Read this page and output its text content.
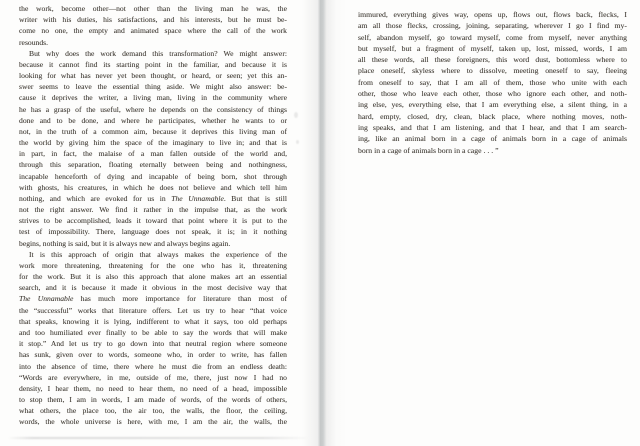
the work, become other—not other than the living man he was, the
writer with his duties, his satisfactions, and his interests, but he must be-
come no one, the empty and animated space where the call of the work
resounds.
But why does the work demand this transformation? We might answer:
because it cannot find its starting point in the familiar, and because it is
looking for what has never yet been thought, or heard, or seen; yet this an-
swer seems to leave the essential thing aside. We might also answer: be-
cause it deprives the writer, a living man, living in the community where
he has a grasp of the useful, where he depends on the consistency of things
done and to be done, and where he participates, whether he wants to or
not, in the truth of a common aim, because it deprives this living man of
the world by giving him the space of the imaginary to live in; and that is
in part, in fact, the malaise of a man fallen outside of the world and,
through this separation, floating eternally between being and nothingness,
incapable henceforth of dying and incapable of being born, shot through
with ghosts, his creatures, in which he does not believe and which tell him
nothing, and which are evoked for us in The Unnamable. But that is still
not the right answer. We find it rather in the impulse that, as the work
strives to be accomplished, leads it toward that point where it is put to the
test of impossibility. There, language does not speak, it is; in it nothing
begins, nothing is said, but it is always new and always begins again.
It is this approach of origin that always makes the experience of the
work more threatening, threatening for the one who has it, threatening
for the work. But it is also this approach that alone makes art an essential
search, and it is because it made it obvious in the most decisive way that
The Unnamable has much more importance for literature than most of
the “successful” works that literature offers. Let us try to hear “that voice
that speaks, knowing it is lying, indifferent to what it says, too old perhaps
and too humiliated ever finally to be able to say the words that will make
it stop.” And let us try to go down into that neutral region where someone
has sunk, given over to words, someone who, in order to write, has fallen
into the absence of time, there where he must die from an endless death:
“Words are everywhere, in me, outside of me, there, just now I had no
density, I hear them, no need to hear them, no need of a head, impossible
to stop them, I am in words, I am made of words, of the words of others,
what others, the place too, the air too, the walls, the floor, the ceiling,
words, the whole universe is here, with me, I am the air, the walls, the
immured, everything gives way, opens up, flows out, flows back, flecks, I
am all those flecks, crossing, joining, separating, wherever I go I find my-
self, abandon myself, go toward myself, come from myself, never anything
but myself, but a fragment of myself, taken up, lost, missed, words, I am
all these words, all these foreigners, this word dust, bottomless where to
place oneself, skyless where to dissolve, meeting oneself to say, fleeing
from oneself to say, that I am all of them, those who unite with each
other, those who leave each other, those who ignore each other, and noth-
ing else, yes, everything else, that I am everything else, a silent thing, in a
hard, empty, closed, dry, clean, black place, where nothing moves, noth-
ing speaks, and that I am listening, and that I hear, and that I am search-
ing, like an animal born in a cage of animals born in a cage of animals
born in a cage of animals born in a cage . . . ”
